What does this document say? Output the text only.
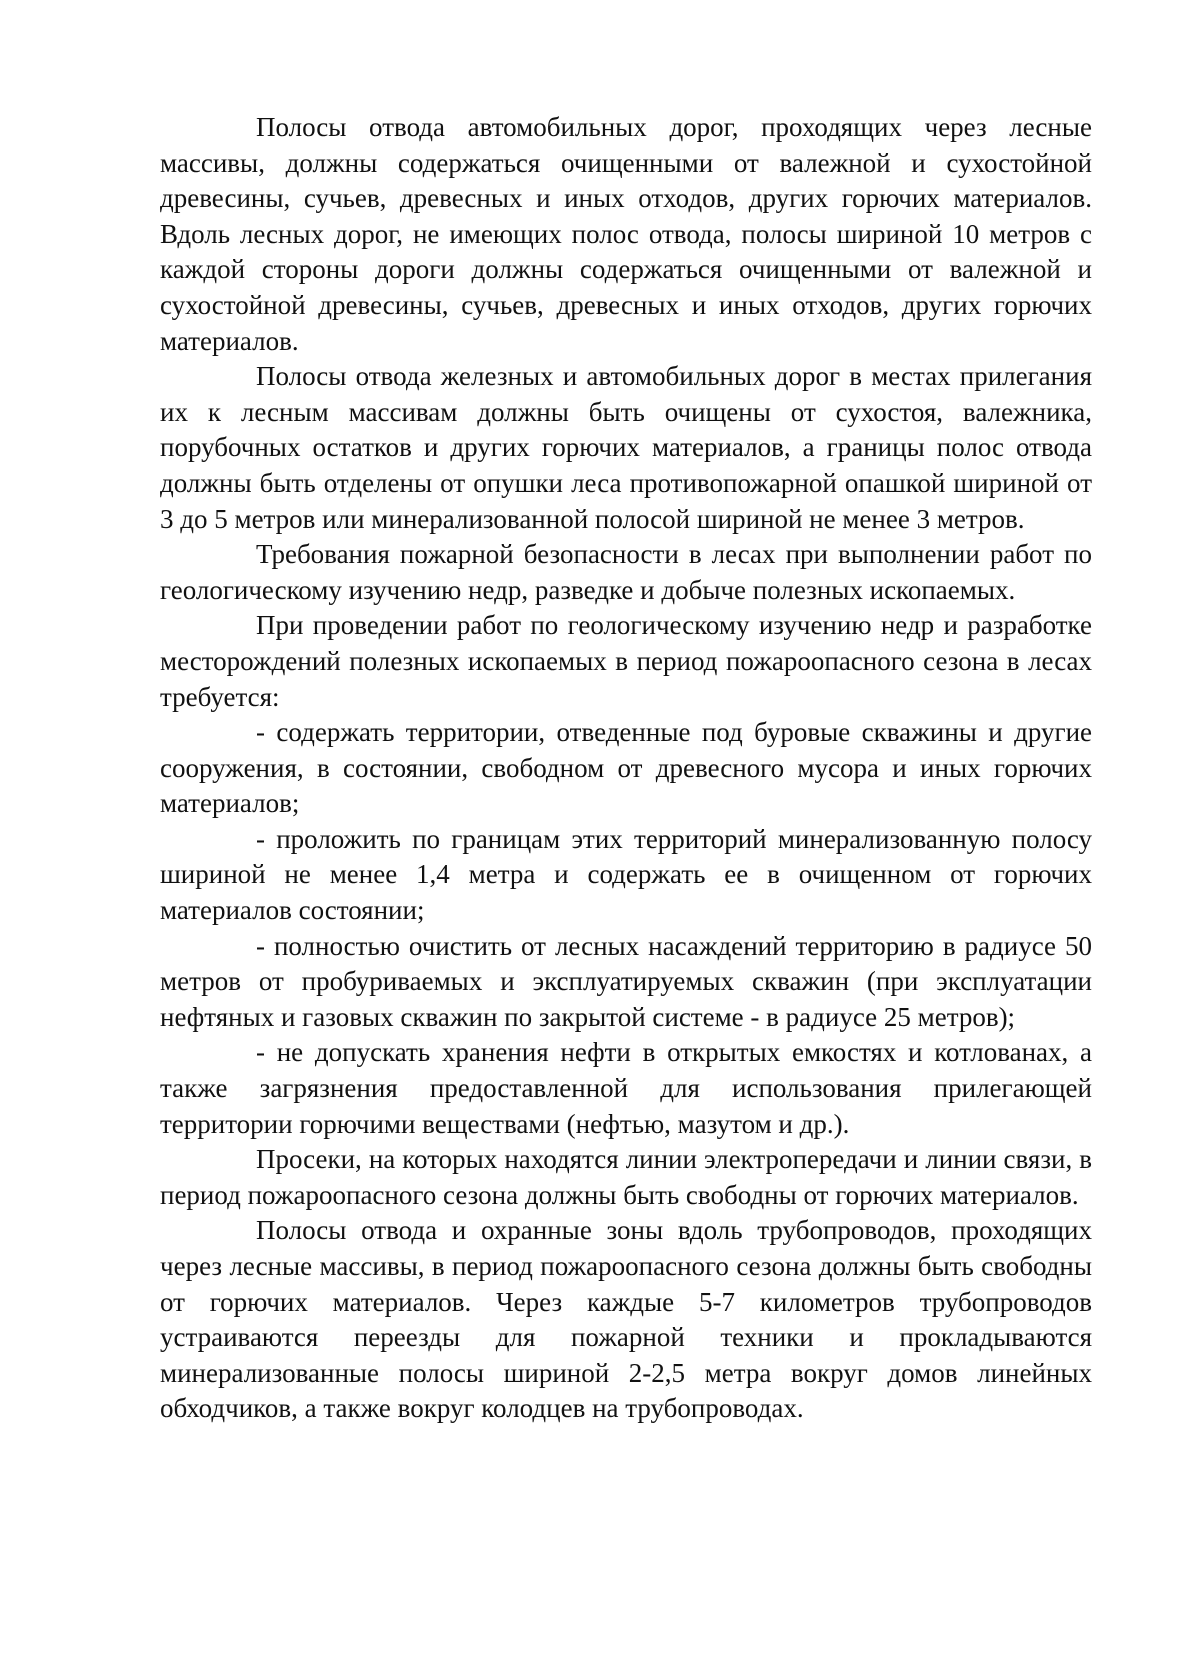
Полосы отвода автомобильных дорог, проходящих через лесные массивы, должны содержаться очищенными от валежной и сухостойной древесины, сучьев, древесных и иных отходов, других горючих материалов. Вдоль лесных дорог, не имеющих полос отвода, полосы шириной 10 метров с каждой стороны дороги должны содержаться очищенными от валежной и сухостойной древесины, сучьев, древесных и иных отходов, других горючих материалов.

Полосы отвода железных и автомобильных дорог в местах прилегания их к лесным массивам должны быть очищены от сухостоя, валежника, порубочных остатков и других горючих материалов, а границы полос отвода должны быть отделены от опушки леса противопожарной опашкой шириной от 3 до 5 метров или минерализованной полосой шириной не менее 3 метров.

Требования пожарной безопасности в лесах при выполнении работ по геологическому изучению недр, разведке и добыче полезных ископаемых.

При проведении работ по геологическому изучению недр и разработке месторождений полезных ископаемых в период пожароопасного сезона в лесах требуется:

- содержать территории, отведенные под буровые скважины и другие сооружения, в состоянии, свободном от древесного мусора и иных горючих материалов;

- проложить по границам этих территорий минерализованную полосу шириной не менее 1,4 метра и содержать ее в очищенном от горючих материалов состоянии;

- полностью очистить от лесных насаждений территорию в радиусе 50 метров от пробуриваемых и эксплуатируемых скважин (при эксплуатации нефтяных и газовых скважин по закрытой системе - в радиусе 25 метров);

- не допускать хранения нефти в открытых емкостях и котлованах, а также загрязнения предоставленной для использования прилегающей территории горючими веществами (нефтью, мазутом и др.).

Просеки, на которых находятся линии электропередачи и линии связи, в период пожароопасного сезона должны быть свободны от горючих материалов.

Полосы отвода и охранные зоны вдоль трубопроводов, проходящих через лесные массивы, в период пожароопасного сезона должны быть свободны от горючих материалов. Через каждые 5-7 километров трубопроводов устраиваются переезды для пожарной техники и прокладываются минерализованные полосы шириной 2-2,5 метра вокруг домов линейных обходчиков, а также вокруг колодцев на трубопроводах.
